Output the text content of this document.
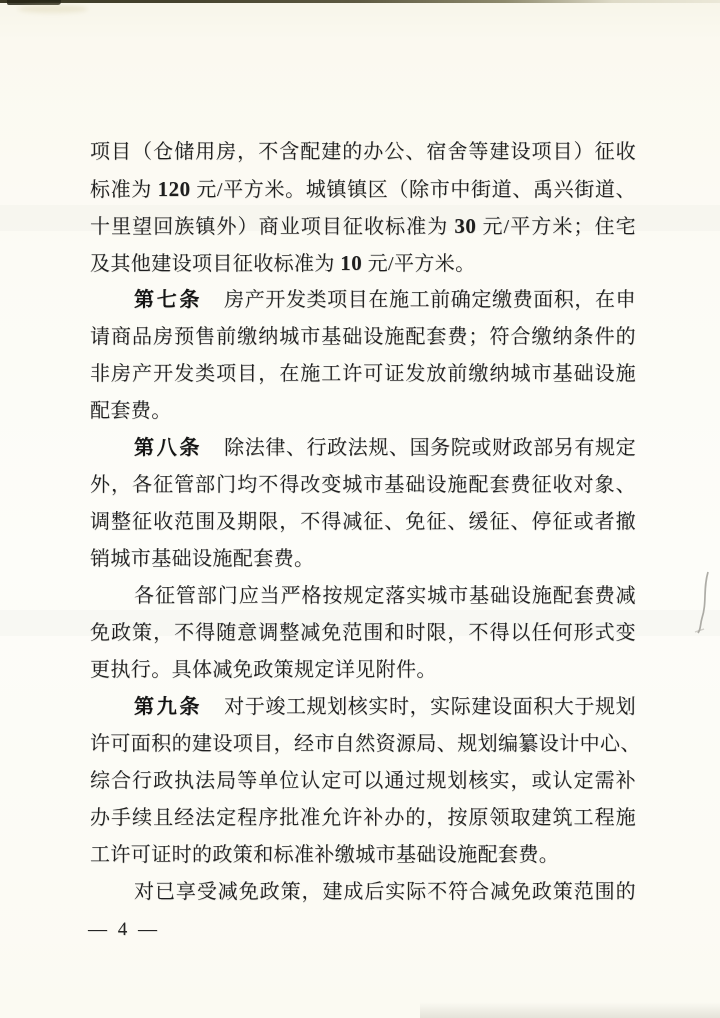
项目（仓储用房，不含配建的办公、宿舍等建设项目）征收
标准为 120 元/平方米。城镇镇区（除市中街道、禹兴街道、
十里望回族镇外）商业项目征收标准为 30 元/平方米；住宅
及其他建设项目征收标准为 10 元/平方米。
第七条 房产开发类项目在施工前确定缴费面积，在申
请商品房预售前缴纳城市基础设施配套费；符合缴纳条件的
非房产开发类项目，在施工许可证发放前缴纳城市基础设施
配套费。
第八条 除法律、行政法规、国务院或财政部另有规定
外，各征管部门均不得改变城市基础设施配套费征收对象、
调整征收范围及期限，不得减征、免征、缓征、停征或者撤
销城市基础设施配套费。
各征管部门应当严格按规定落实城市基础设施配套费减
免政策，不得随意调整减免范围和时限，不得以任何形式变
更执行。具体减免政策规定详见附件。
第九条 对于竣工规划核实时，实际建设面积大于规划
许可面积的建设项目，经市自然资源局、规划编纂设计中心、
综合行政执法局等单位认定可以通过规划核实，或认定需补
办手续且经法定程序批准允许补办的，按原领取建筑工程施
工许可证时的政策和标准补缴城市基础设施配套费。
对已享受减免政策，建成后实际不符合减免政策范围的
— 4 —
